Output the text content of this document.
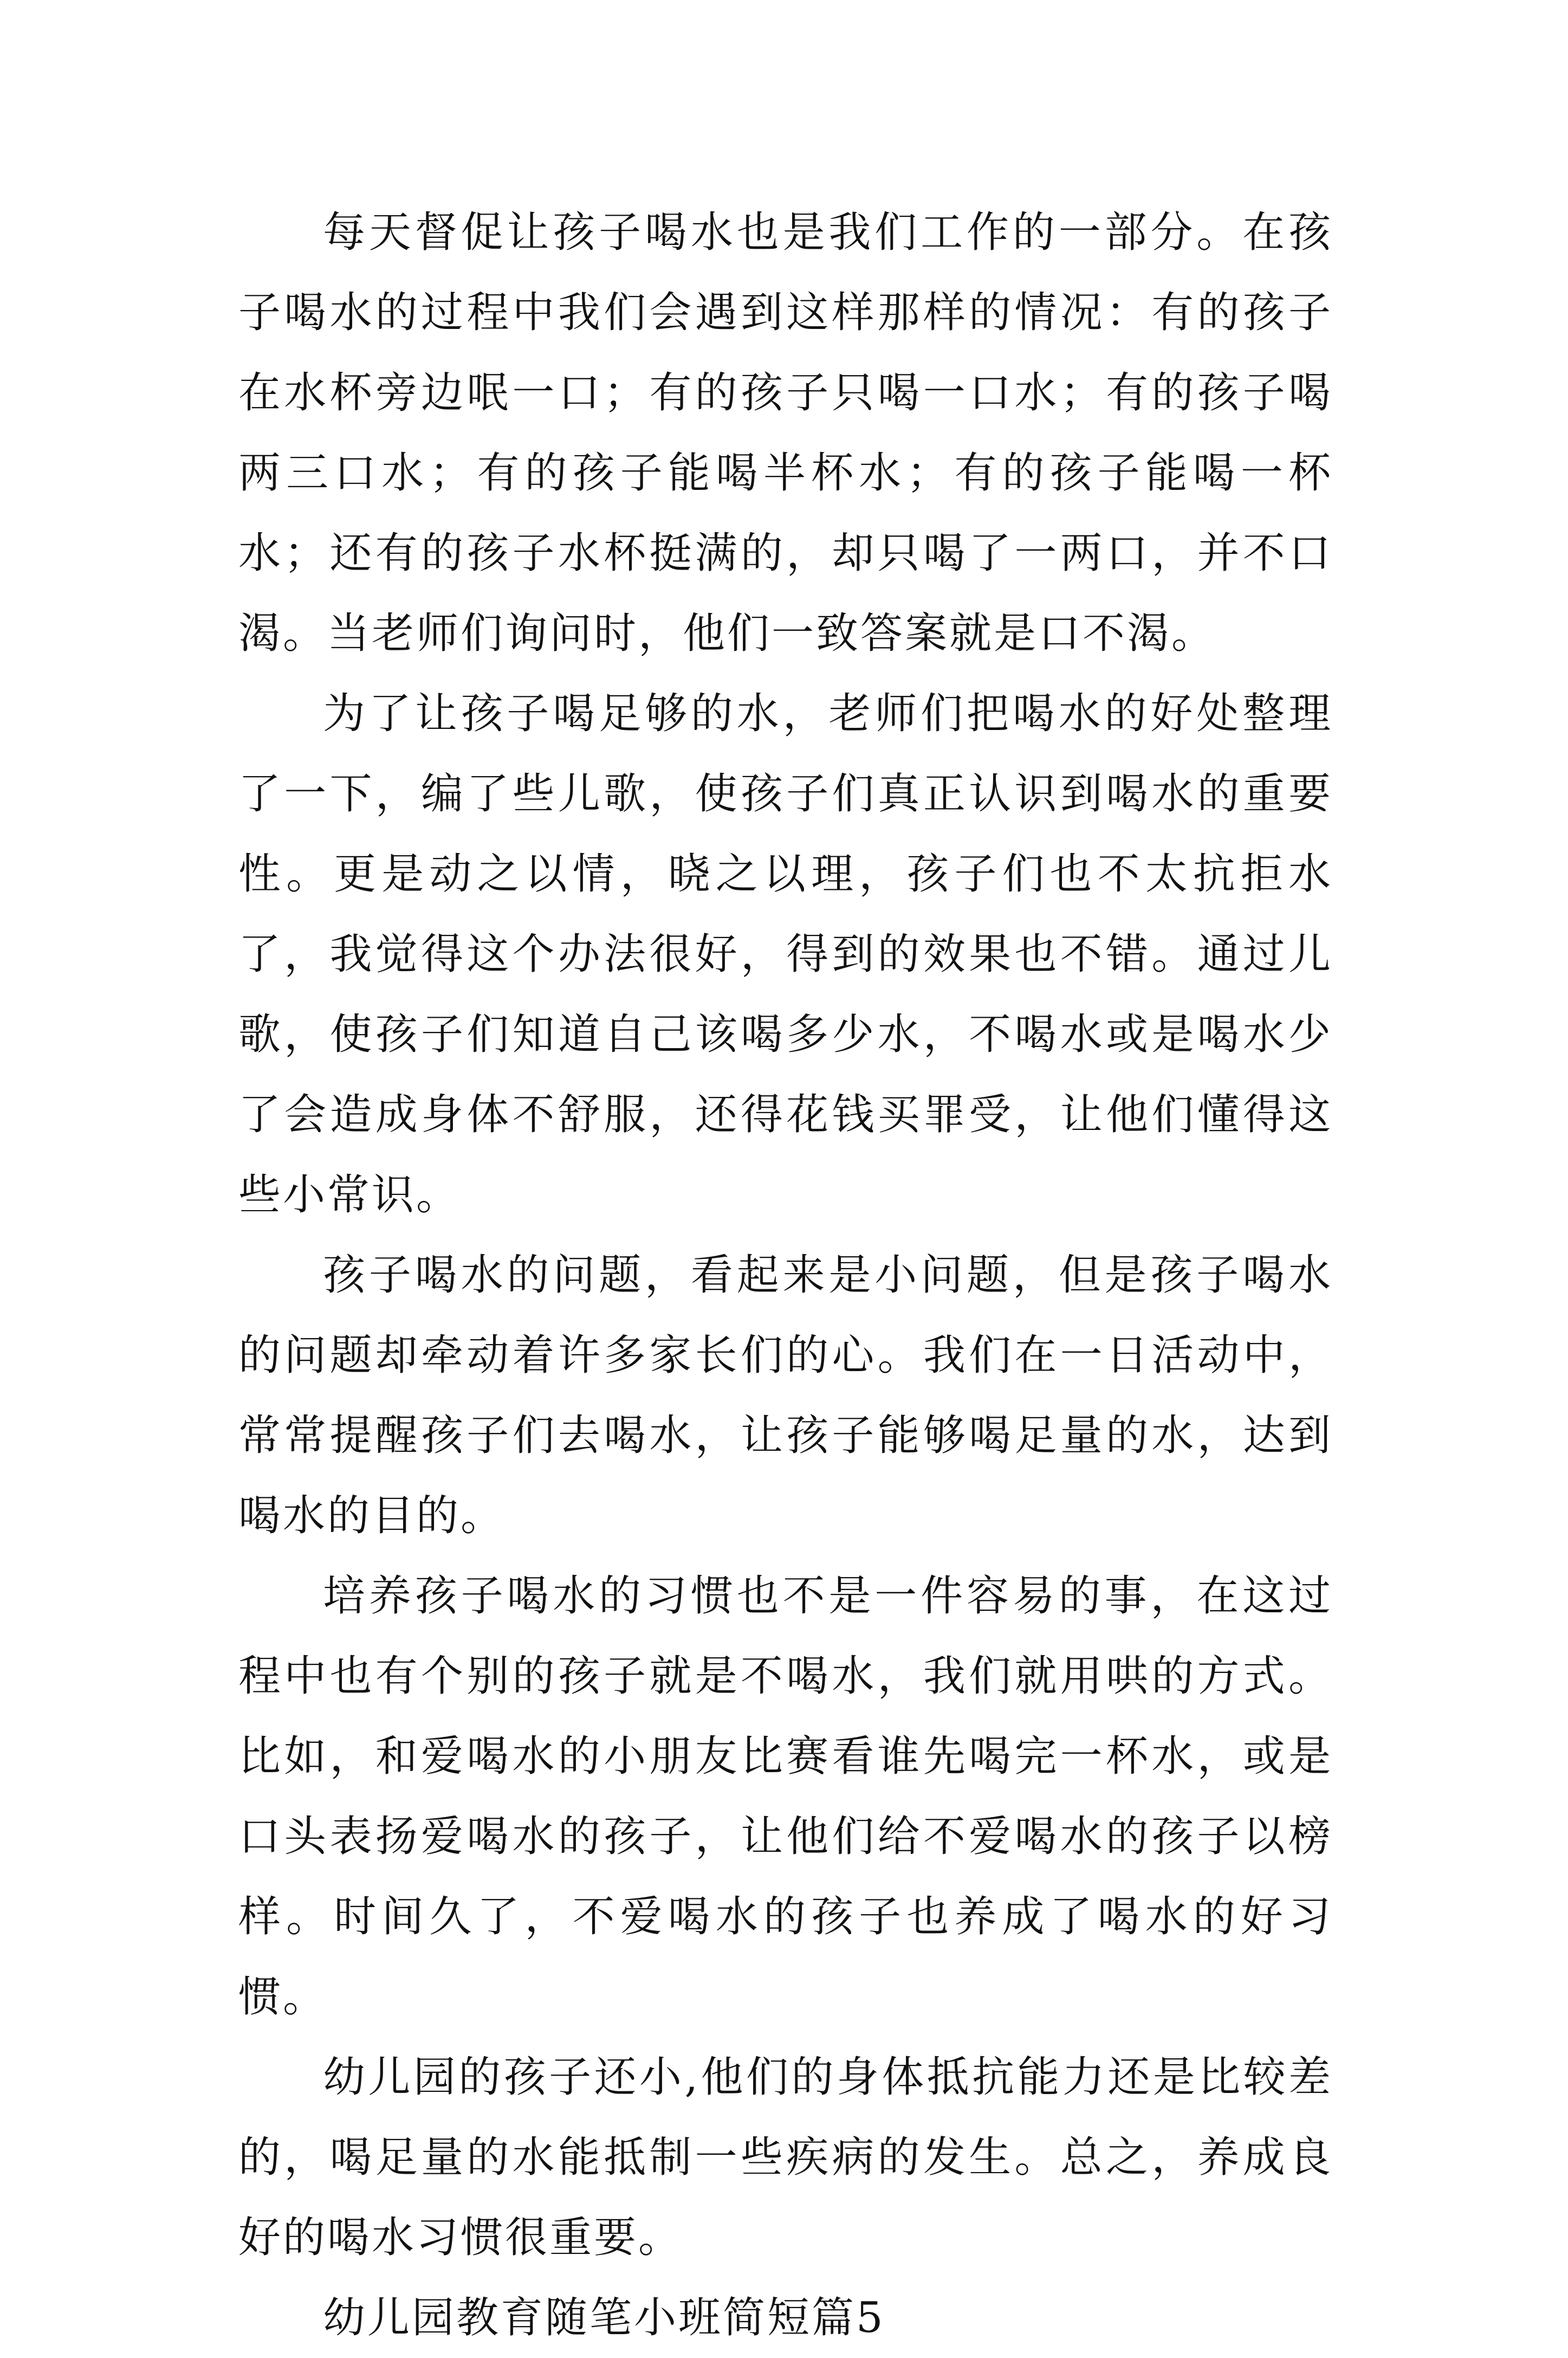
每天督促让孩子喝水也是我们工作的一部分。在孩子喝水的过程中我们会遇到这样那样的情况：有的孩子在水杯旁边呡一口；有的孩子只喝一口水；有的孩子喝两三口水；有的孩子能喝半杯水；有的孩子能喝一杯水；还有的孩子水杯挺满的，却只喝了一两口，并不口渴。当老师们询问时，他们一致答案就是口不渴。

为了让孩子喝足够的水，老师们把喝水的好处整理了一下，编了些儿歌，使孩子们真正认识到喝水的重要性。更是动之以情，晓之以理，孩子们也不太抗拒水了，我觉得这个办法很好，得到的效果也不错。通过儿歌，使孩子们知道自己该喝多少水，不喝水或是喝水少了会造成身体不舒服，还得花钱买罪受，让他们懂得这些小常识。

孩子喝水的问题，看起来是小问题，但是孩子喝水的问题却牵动着许多家长们的心。我们在一日活动中，常常提醒孩子们去喝水，让孩子能够喝足量的水，达到喝水的目的。

培养孩子喝水的习惯也不是一件容易的事，在这过程中也有个别的孩子就是不喝水，我们就用哄的方式。比如，和爱喝水的小朋友比赛看谁先喝完一杯水，或是口头表扬爱喝水的孩子，让他们给不爱喝水的孩子以榜样。时间久了，不爱喝水的孩子也养成了喝水的好习惯。

幼儿园的孩子还小,他们的身体抵抗能力还是比较差的，喝足量的水能抵制一些疾病的发生。总之，养成良好的喝水习惯很重要。

幼儿园教育随笔小班简短篇5
